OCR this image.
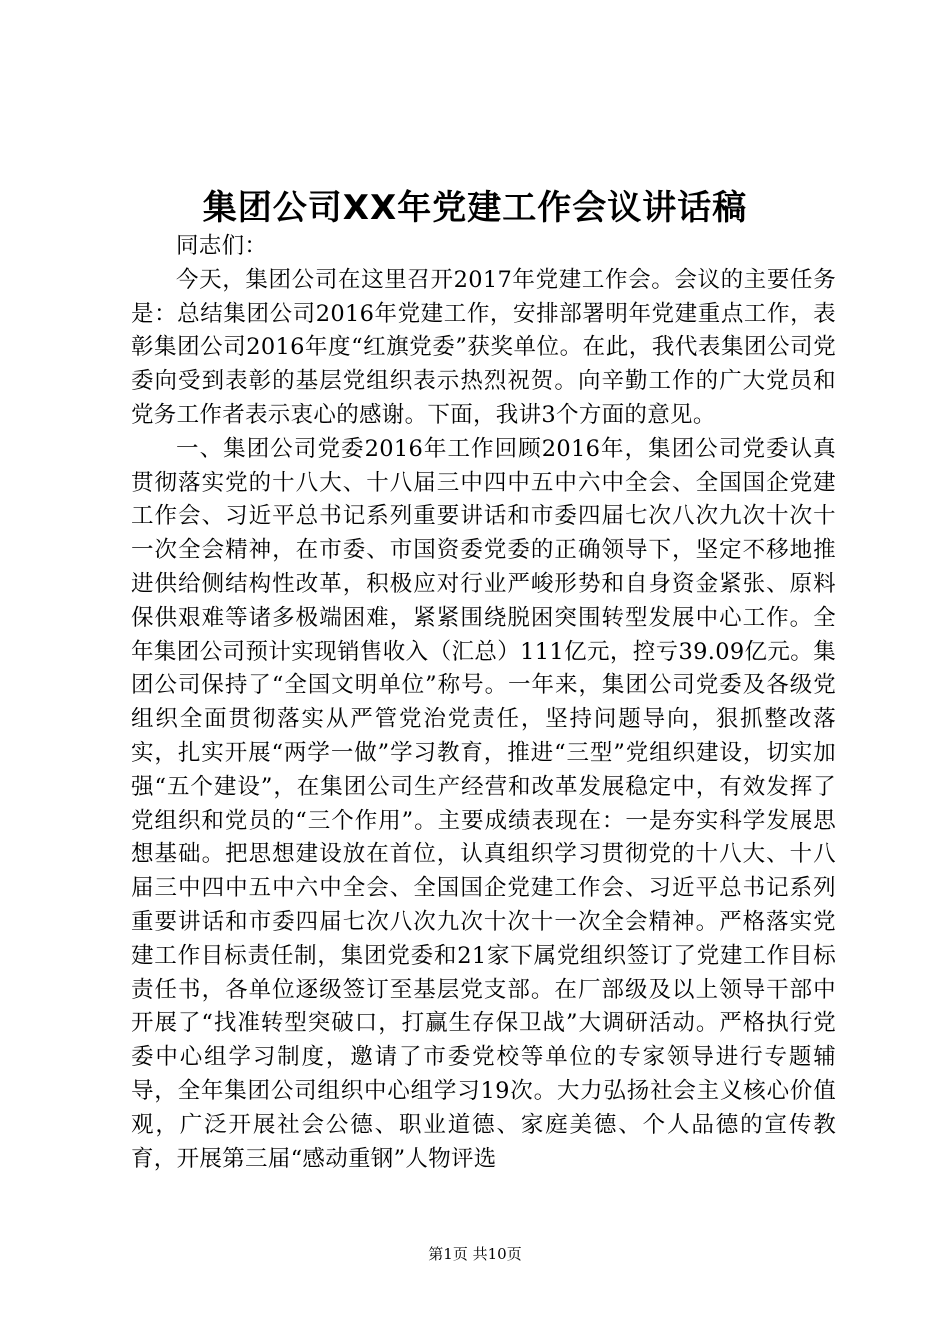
集团公司XX年党建工作会议讲话稿

同志们：

今天，集团公司在这里召开2017年党建工作会。会议的主要任务是：总结集团公司2016年党建工作，安排部署明年党建重点工作，表彰集团公司2016年度“红旗党委”获奖单位。在此，我代表集团公司党委向受到表彰的基层党组织表示热烈祝贺。向辛勤工作的广大党员和党务工作者表示衷心的感谢。下面，我讲3个方面的意见。

一、集团公司党委2016年工作回顾2016年，集团公司党委认真贯彻落实党的十八大、十八届三中四中五中六中全会、全国国企党建工作会、习近平总书记系列重要讲话和市委四届七次八次九次十次十一次全会精神，在市委、市国资委党委的正确领导下，坚定不移地推进供给侧结构性改革，积极应对行业严峻形势和自身资金紧张、原料保供艰难等诸多极端困难，紧紧围绕脱困突围转型发展中心工作。全年集团公司预计实现销售收入（汇总）111亿元，控亏39.09亿元。集团公司保持了“全国文明单位”称号。一年来，集团公司党委及各级党组织全面贯彻落实从严管党治党责任，坚持问题导向，狠抓整改落实，扎实开展“两学一做”学习教育，推进“三型”党组织建设，切实加强“五个建设”，在集团公司生产经营和改革发展稳定中，有效发挥了党组织和党员的“三个作用”。主要成绩表现在：一是夯实科学发展思想基础。把思想建设放在首位，认真组织学习贯彻党的十八大、十八届三中四中五中六中全会、全国国企党建工作会、习近平总书记系列重要讲话和市委四届七次八次九次十次十一次全会精神。严格落实党建工作目标责任制，集团党委和21家下属党组织签订了党建工作目标责任书，各单位逐级签订至基层党支部。在厂部级及以上领导干部中开展了“找准转型突破口，打赢生存保卫战”大调研活动。严格执行党委中心组学习制度，邀请了市委党校等单位的专家领导进行专题辅导，全年集团公司组织中心组学习19次。大力弘扬社会主义核心价值观，广泛开展社会公德、职业道德、家庭美德、个人品德的宣传教育，开展第三届“感动重钢”人物评选

第1页 共10页
